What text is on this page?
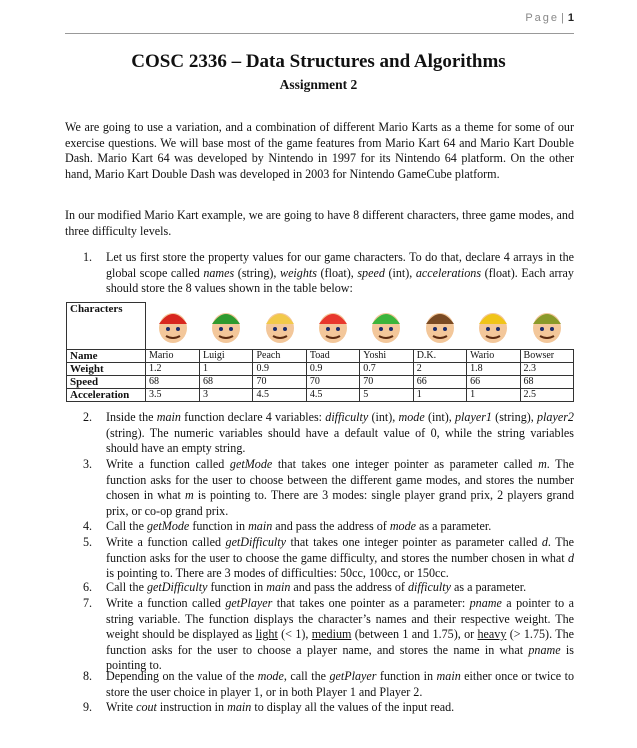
Page | 1
COSC 2336 – Data Structures and Algorithms
Assignment 2

We are going to use a variation, and a combination of different Mario Karts as a theme for some of our exercise questions. We will base most of the game features from Mario Kart 64 and Mario Kart Double Dash. Mario Kart 64 was developed by Nintendo in 1997 for its Nintendo 64 platform. On the other hand, Mario Kart Double Dash was developed in 2003 for Nintendo GameCube platform.

In our modified Mario Kart example, we are going to have 8 different characters, three game modes, and three difficulty levels.

1. Let us first store the property values for our game characters. To do that, declare 4 arrays in the global scope called names (string), weights (float), speed (int), accelerations (float). Each array should store the 8 values shown in the table below:
Characters	

Name	Mario	Luigi	Peach	Toad	Yoshi	D.K.	Wario	Bowser
Weight	1.2	1	0.9	0.9	0.7	2	1.8	2.3
Speed	68	68	70	70	70	66	66	68
Acceleration	3.5	3	4.5	4.5	5	1	1	2.5
2. Inside the main function declare 4 variables: difficulty (int), mode (int), player1 (string), player2 (string). The numeric variables should have a default value of 0, while the string variables should have an empty string.
3. Write a function called getMode that takes one integer pointer as parameter called m. The function asks for the user to choose between the different game modes, and stores the number chosen in what m is pointing to. There are 3 modes: single player grand prix, 2 players grand prix, or co-op grand prix.
4. Call the getMode function in main and pass the address of mode as a parameter.
5. Write a function called getDifficulty that takes one integer pointer as parameter called d. The function asks for the user to choose the game difficulty, and stores the number chosen in what d is pointing to. There are 3 modes of difficulties: 50cc, 100cc, or 150cc.
6. Call the getDifficulty function in main and pass the address of difficulty as a parameter.
7. Write a function called getPlayer that takes one pointer as a parameter: pname a pointer to a string variable. The function displays the character’s names and their respective weight. The weight should be displayed as light (< 1), medium (between 1 and 1.75), or heavy (> 1.75). The function asks for the user to choose a player name, and stores the name in what pname is pointing to.
8. Depending on the value of the mode, call the getPlayer function in main either once or twice to store the user choice in player 1, or in both Player 1 and Player 2.
9. Write cout instruction in main to display all the values of the input read.
